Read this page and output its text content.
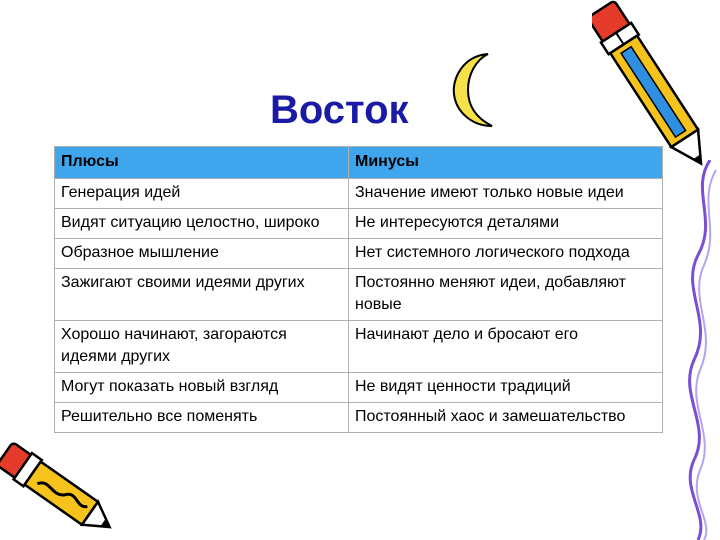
Восток
Плюсы	Минусы
Генерация идей	Значение имеют только новые идеи
Видят ситуацию целостно, широко	Не интересуются деталями
Образное мышление	Нет системного логического подхода
Зажигают своими идеями других	Постоянно меняют идеи, добавляют новые
Хорошо начинают, загораются идеями других	Начинают дело и бросают его
Могут показать новый взгляд	Не видят ценности традиций
Решительно все поменять	Постоянный хаос и замешательство
